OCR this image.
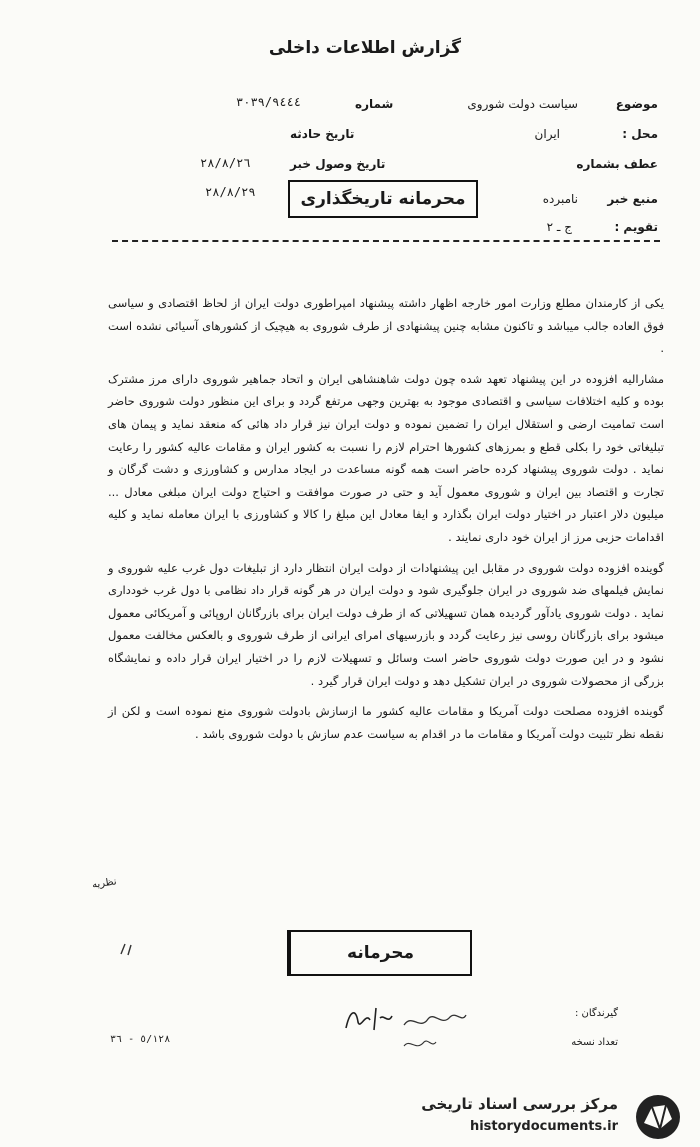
گزارش اطلاعات داخلی
موضوع
سیاست دولت شوروی
محل :
ایران
عطف بشماره
منبع خبر
نامبرده
تقویم :
ج ـ ٢
شماره
٣٠٣٩/٩٤٤٤
تاریخ حادثه
تاریخ وصول خبر
٢٨/٨/٢٦
٢٨/٨/٢٩	محرمانه تاریخگذاری

یکی از کارمندان مطلع وزارت امور خارجه اظهار داشته پیشنهاد امپراطوری دولت ایران از لحاظ اقتصادی و سیاسی فوق العاده جالب میباشد و تاکنون مشابه چنین پیشنهادی از طرف شوروی به هیچیک از کشورهای آسیائی نشده است .

مشارالیه افزوده در این پیشنهاد تعهد شده چون دولت شاهنشاهی ایران و اتحاد جماهیر شوروی دارای مرز مشترک بوده و کلیه اختلافات سیاسی و اقتصادی موجود به بهترین وجهی مرتفع گردد و برای این منظور دولت شوروی حاضر است تمامیت ارضی و استقلال ایران را تضمین نموده و دولت ایران نیز قرار داد هائی که منعقد نماید و پیمان های تبلیغاتی خود را بکلی قطع و بمرزهای کشورها احترام لازم را نسبت به کشور ایران و مقامات عالیه کشور را رعایت نماید . دولت شوروی پیشنهاد کرده حاضر است همه گونه مساعدت در ایجاد مدارس و کشاورزی و دشت گرگان و تجارت و اقتصاد بین ایران و شوروی معمول آید و حتی در صورت موافقت و احتیاج دولت ایران مبلغی معادل ... میلیون دلار اعتبار در اختیار دولت ایران بگذارد و ایفا معادل این مبلغ را کالا و کشاورزی با ایران معامله نماید و کلیه اقدامات حزبی مرز از ایران خود داری نمایند .

گوینده افزوده دولت شوروی در مقابل این پیشنهادات از دولت ایران انتظار دارد از تبلیغات دول غرب علیه شوروی و نمایش فیلمهای ضد شوروی در ایران جلوگیری شود و دولت ایران در هر گونه قرار داد نظامی با دول غرب خودداری نماید . دولت شوروی یادآور گردیده همان تسهیلاتی که از طرف دولت ایران برای بازرگانان اروپائی و آمریکائی معمول میشود برای بازرگانان روسی نیز رعایت گردد و بازرسیهای امرای ایرانی از طرف شوروی و بالعکس مخالفت معمول نشود و در این صورت دولت شوروی حاضر است وسائل و تسهیلات لازم را در اختیار ایران قرار داده و نمایشگاه بزرگی از محصولات شوروی در ایران تشکیل دهد و دولت ایران قرار گیرد .

گوینده افزوده مصلحت دولت آمریکا و مقامات عالیه کشور ما ازسازش بادولت شوروی منع نموده است و لکن از نقطه نظر تثبیت دولت آمریکا و مقامات ما در اقدام به سیاست عدم سازش با دولت شوروی باشد .

نظریه
محرمانه
گیرندگان :
تعداد نسخه
٥/١٢٨ - ٣٦
مرکز بررسی اسناد تاریخی
historydocuments.ir
